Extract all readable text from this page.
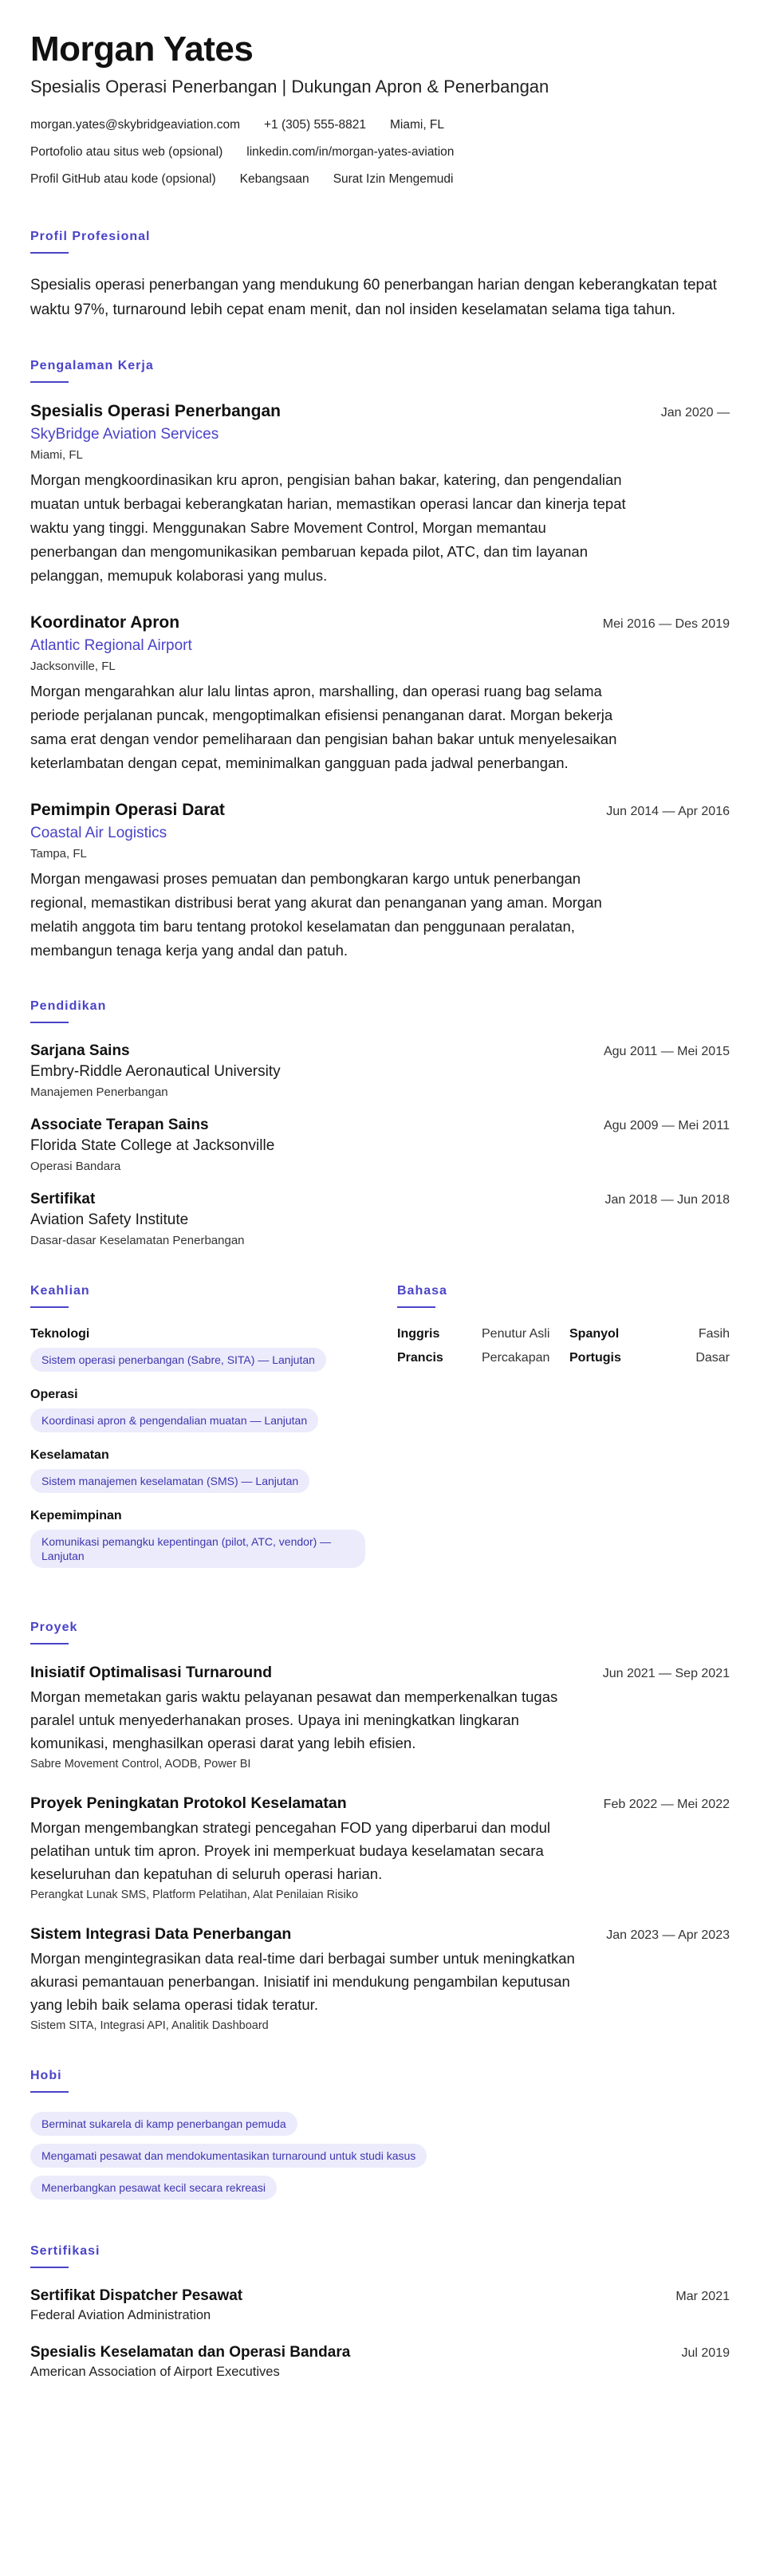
Morgan Yates
Spesialis Operasi Penerbangan | Dukungan Apron & Penerbangan
morgan.yates@skybridgeaviation.com +1 (305) 555-8821 Miami, FL
Portofolio atau situs web (opsional) linkedin.com/in/morgan-yates-aviation
Profil GitHub atau kode (opsional) Kebangsaan Surat Izin Mengemudi
Profil Profesional

Spesialis operasi penerbangan yang mendukung 60 penerbangan harian dengan keberangkatan tepat waktu 97%, turnaround lebih cepat enam menit, dan nol insiden keselamatan selama tiga tahun.

Pengalaman Kerja
Spesialis Operasi Penerbangan	Jan 2020 —
SkyBridge Aviation Services
Miami, FL

Morgan mengkoordinasikan kru apron, pengisian bahan bakar, katering, dan pengendalian muatan untuk berbagai keberangkatan harian, memastikan operasi lancar dan kinerja tepat waktu yang tinggi. Menggunakan Sabre Movement Control, Morgan memantau penerbangan dan mengomunikasikan pembaruan kepada pilot, ATC, dan tim layanan pelanggan, memupuk kolaborasi yang mulus.

Koordinator Apron	Mei 2016 — Des 2019
Atlantic Regional Airport
Jacksonville, FL

Morgan mengarahkan alur lalu lintas apron, marshalling, dan operasi ruang bag selama periode perjalanan puncak, mengoptimalkan efisiensi penanganan darat. Morgan bekerja sama erat dengan vendor pemeliharaan dan pengisian bahan bakar untuk menyelesaikan keterlambatan dengan cepat, meminimalkan gangguan pada jadwal penerbangan.

Pemimpin Operasi Darat	Jun 2014 — Apr 2016
Coastal Air Logistics
Tampa, FL

Morgan mengawasi proses pemuatan dan pembongkaran kargo untuk penerbangan regional, memastikan distribusi berat yang akurat dan penanganan yang aman. Morgan melatih anggota tim baru tentang protokol keselamatan dan penggunaan peralatan, membangun tenaga kerja yang andal dan patuh.

Pendidikan
Sarjana Sains	Agu 2011 — Mei 2015
Embry-Riddle Aeronautical University
Manajemen Penerbangan
Associate Terapan Sains	Agu 2009 — Mei 2011
Florida State College at Jacksonville
Operasi Bandara
Sertifikat	Jan 2018 — Jun 2018
Aviation Safety Institute
Dasar-dasar Keselamatan Penerbangan
Keahlian
Teknologi
Sistem operasi penerbangan (Sabre, SITA) — Lanjutan
Operasi
Koordinasi apron & pengendalian muatan — Lanjutan
Keselamatan
Sistem manajemen keselamatan (SMS) — Lanjutan
Kepemimpinan
Komunikasi pemangku kepentingan (pilot, ATC, vendor) — Lanjutan
Bahasa
Inggris	Penutur Asli	Spanyol	Fasih
Prancis	Percakapan	Portugis	Dasar
Proyek
Inisiatif Optimalisasi Turnaround	Jun 2021 — Sep 2021

Morgan memetakan garis waktu pelayanan pesawat dan memperkenalkan tugas paralel untuk menyederhanakan proses. Upaya ini meningkatkan lingkaran komunikasi, menghasilkan operasi darat yang lebih efisien.

Sabre Movement Control, AODB, Power BI
Proyek Peningkatan Protokol Keselamatan	Feb 2022 — Mei 2022

Morgan mengembangkan strategi pencegahan FOD yang diperbarui dan modul pelatihan untuk tim apron. Proyek ini memperkuat budaya keselamatan secara keseluruhan dan kepatuhan di seluruh operasi harian.

Perangkat Lunak SMS, Platform Pelatihan, Alat Penilaian Risiko
Sistem Integrasi Data Penerbangan	Jan 2023 — Apr 2023

Morgan mengintegrasikan data real-time dari berbagai sumber untuk meningkatkan akurasi pemantauan penerbangan. Inisiatif ini mendukung pengambilan keputusan yang lebih baik selama operasi tidak teratur.

Sistem SITA, Integrasi API, Analitik Dashboard
Hobi
Berminat sukarela di kamp penerbangan pemuda
Mengamati pesawat dan mendokumentasikan turnaround untuk studi kasus
Menerbangkan pesawat kecil secara rekreasi
Sertifikasi
Sertifikat Dispatcher Pesawat	Mar 2021
Federal Aviation Administration
Spesialis Keselamatan dan Operasi Bandara	Jul 2019
American Association of Airport Executives
